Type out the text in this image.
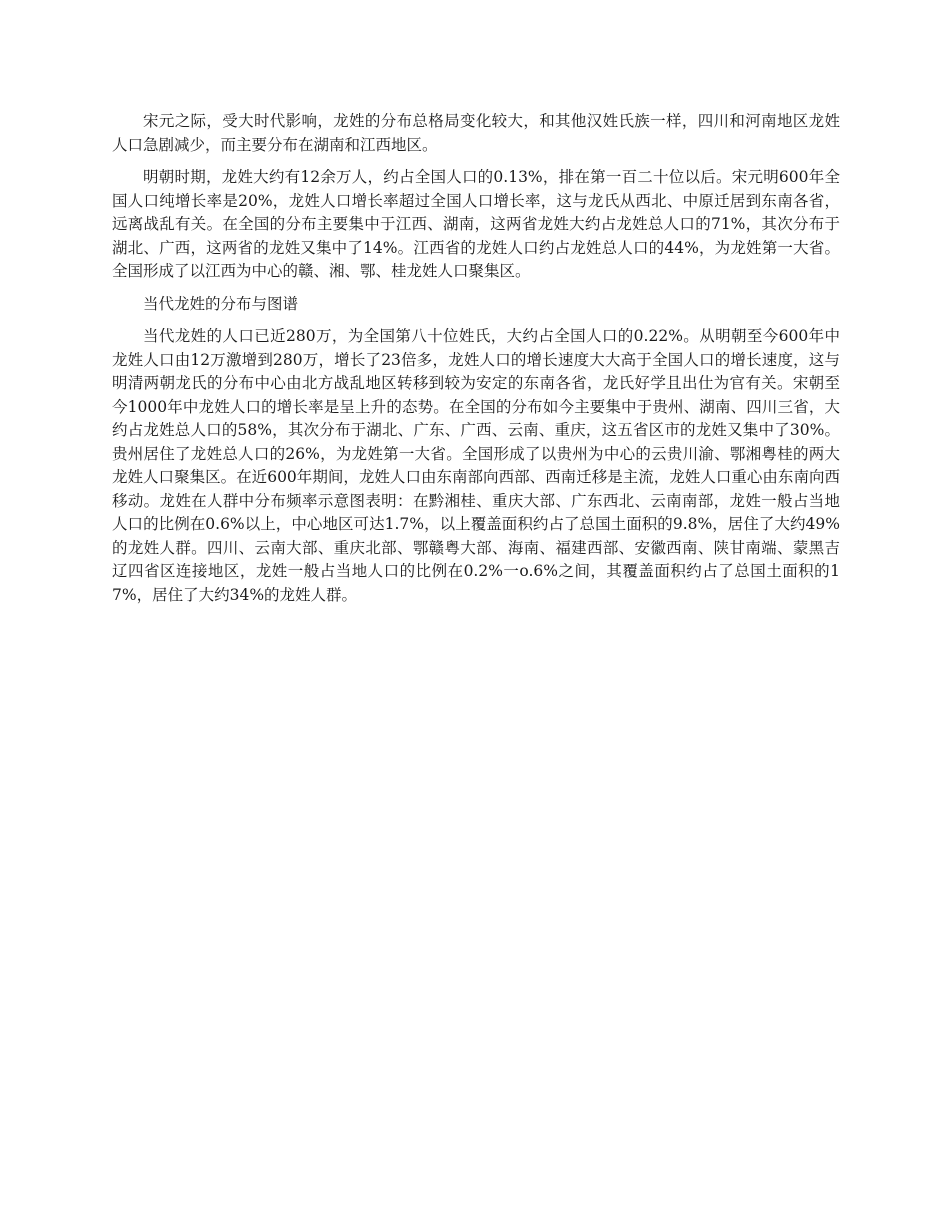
宋元之际，受大时代影响，龙姓的分布总格局变化较大，和其他汉姓氏族一样，四川和河南地区龙姓人口急剧减少，而主要分布在湖南和江西地区。

明朝时期，龙姓大约有12余万人，约占全国人口的0.13%，排在第一百二十位以后。宋元明600年全国人口纯增长率是20%，龙姓人口增长率超过全国人口增长率，这与龙氏从西北、中原迁居到东南各省，远离战乱有关。在全国的分布主要集中于江西、湖南，这两省龙姓大约占龙姓总人口的71%，其次分布于湖北、广西，这两省的龙姓又集中了14%。江西省的龙姓人口约占龙姓总人口的44%，为龙姓第一大省。全国形成了以江西为中心的赣、湘、鄂、桂龙姓人口聚集区。

当代龙姓的分布与图谱

当代龙姓的人口已近280万，为全国第八十位姓氏，大约占全国人口的0.22%。从明朝至今600年中龙姓人口由12万激增到280万，增长了23倍多，龙姓人口的增长速度大大高于全国人口的增长速度，这与明清两朝龙氏的分布中心由北方战乱地区转移到较为安定的东南各省，龙氏好学且出仕为官有关。宋朝至今1000年中龙姓人口的增长率是呈上升的态势。在全国的分布如今主要集中于贵州、湖南、四川三省，大约占龙姓总人口的58%，其次分布于湖北、广东、广西、云南、重庆，这五省区市的龙姓又集中了30%。贵州居住了龙姓总人口的26%，为龙姓第一大省。全国形成了以贵州为中心的云贵川渝、鄂湘粤桂的两大龙姓人口聚集区。在近600年期间，龙姓人口由东南部向西部、西南迁移是主流，龙姓人口重心由东南向西移动。龙姓在人群中分布频率示意图表明：在黔湘桂、重庆大部、广东西北、云南南部，龙姓一般占当地人口的比例在0.6%以上，中心地区可达1.7%，以上覆盖面积约占了总国土面积的9.8%，居住了大约49%的龙姓人群。四川、云南大部、重庆北部、鄂赣粤大部、海南、福建西部、安徽西南、陕甘南端、蒙黑吉辽四省区连接地区，龙姓一般占当地人口的比例在0.2%一o.6%之间，其覆盖面积约占了总国土面积的17%，居住了大约34%的龙姓人群。
